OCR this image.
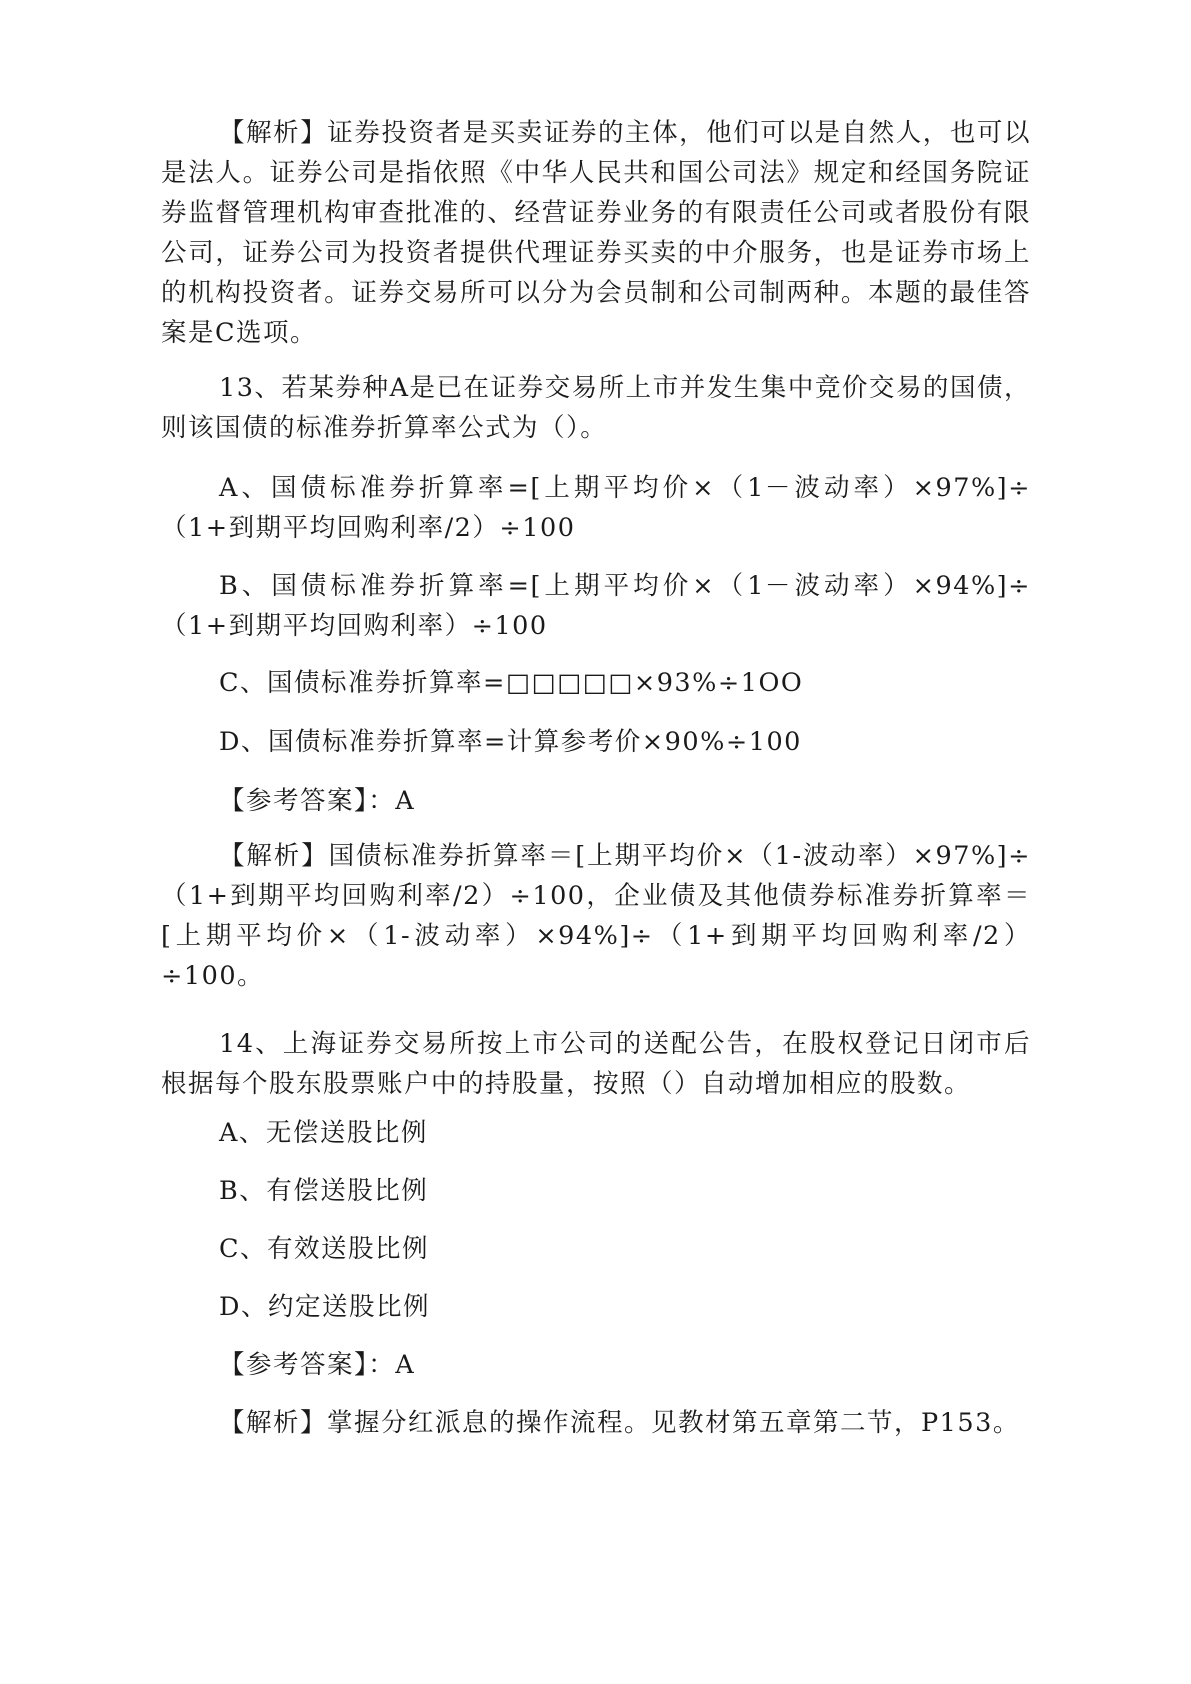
【解析】证券投资者是买卖证券的主体，他们可以是自然人，也可以是法人。证券公司是指依照《中华人民共和国公司法》规定和经国务院证券监督管理机构审查批准的、经营证券业务的有限责任公司或者股份有限公司，证券公司为投资者提供代理证券买卖的中介服务，也是证券市场上的机构投资者。证券交易所可以分为会员制和公司制两种。本题的最佳答案是C选项。

13、若某券种A是已在证券交易所上市并发生集中竞价交易的国债，则该国债的标准券折算率公式为（）。

A、国债标准券折算率=[上期平均价×（1－波动率）×97%]÷（1+到期平均回购利率/2）÷100

B、国债标准券折算率=[上期平均价×（1－波动率）×94%]÷（1+到期平均回购利率）÷100

C、国债标准券折算率=□□□□□×93%÷1OO

D、国债标准券折算率=计算参考价×90%÷100

【参考答案】：A

【解析】国债标准券折算率＝[上期平均价×（1-波动率）×97%]÷（1+到期平均回购利率/2）÷100，企业债及其他债券标准券折算率＝[上期平均价×（1-波动率）×94%]÷（1+到期平均回购利率/2）÷100。

14、上海证券交易所按上市公司的送配公告，在股权登记日闭市后根据每个股东股票账户中的持股量，按照（）自动增加相应的股数。

A、无偿送股比例

B、有偿送股比例

C、有效送股比例

D、约定送股比例

【参考答案】：A

【解析】掌握分红派息的操作流程。见教材第五章第二节，P153。
